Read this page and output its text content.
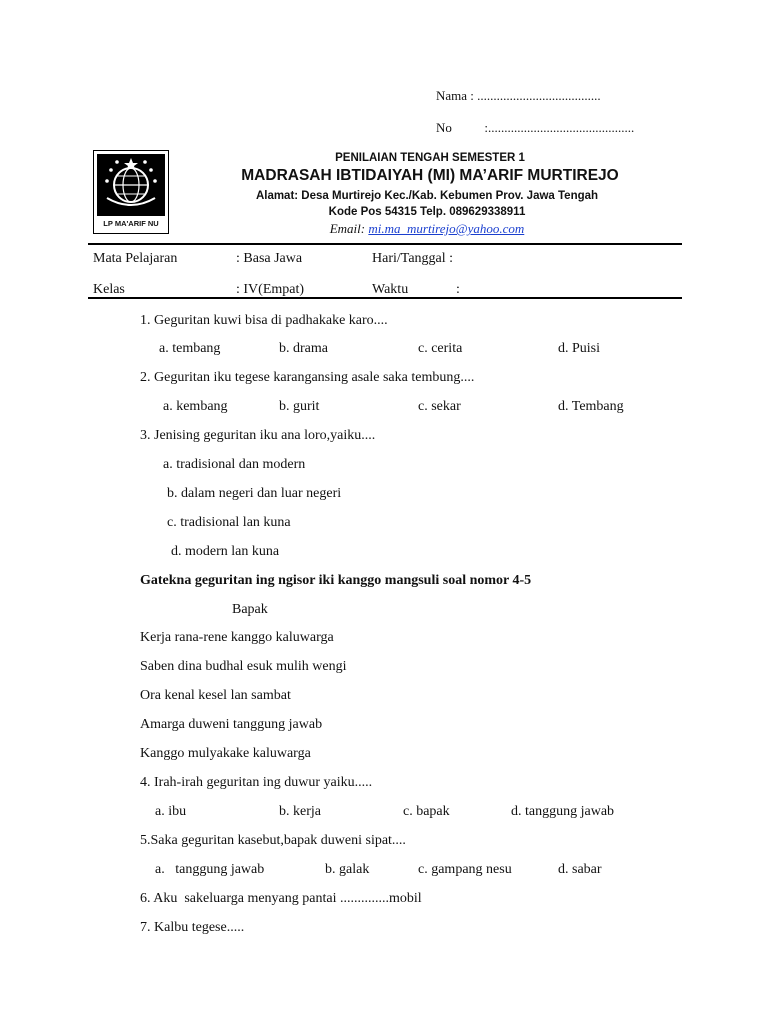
Nama : ......................................
No	:.............................................
LP MA'ARIF NU
PENILAIAN TENGAH SEMESTER 1
MADRASAH IBTIDAIYAH (MI) MA’ARIF MURTIREJO
Alamat: Desa Murtirejo Kec./Kab. Kebumen Prov. Jawa Tengah
Kode Pos 54315 Telp. 089629338911
Email: mi.ma_murtirejo@yahoo.com
Mata Pelajaran	: Basa Jawa	Hari/Tanggal :
Kelas	: IV(Empat)	Waktu	:
1. Geguritan kuwi bisa di padhakake karo....
a. tembang	b. drama	c. cerita	d. Puisi
2. Geguritan iku tegese karangansing asale saka tembung....
a. kembang	b. gurit	c. sekar	d. Tembang
3. Jenising geguritan iku ana loro,yaiku....
a. tradisional dan modern
b. dalam negeri dan luar negeri
c. tradisional lan kuna
d. modern lan kuna
Gatekna geguritan ing ngisor iki kanggo mangsuli soal nomor 4-5
Bapak
Kerja rana-rene kanggo kaluwarga
Saben dina budhal esuk mulih wengi
Ora kenal kesel lan sambat
Amarga duweni tanggung jawab
Kanggo mulyakake kaluwarga
4. Irah-irah geguritan ing duwur yaiku.....
a. ibu	b. kerja	c. bapak	d. tanggung jawab
5.Saka geguritan kasebut,bapak duweni sipat....
a.   tanggung jawab	b. galak	c. gampang nesu	d. sabar
6. Aku  sakeluarga menyang pantai ..............mobil
7. Kalbu tegese.....
